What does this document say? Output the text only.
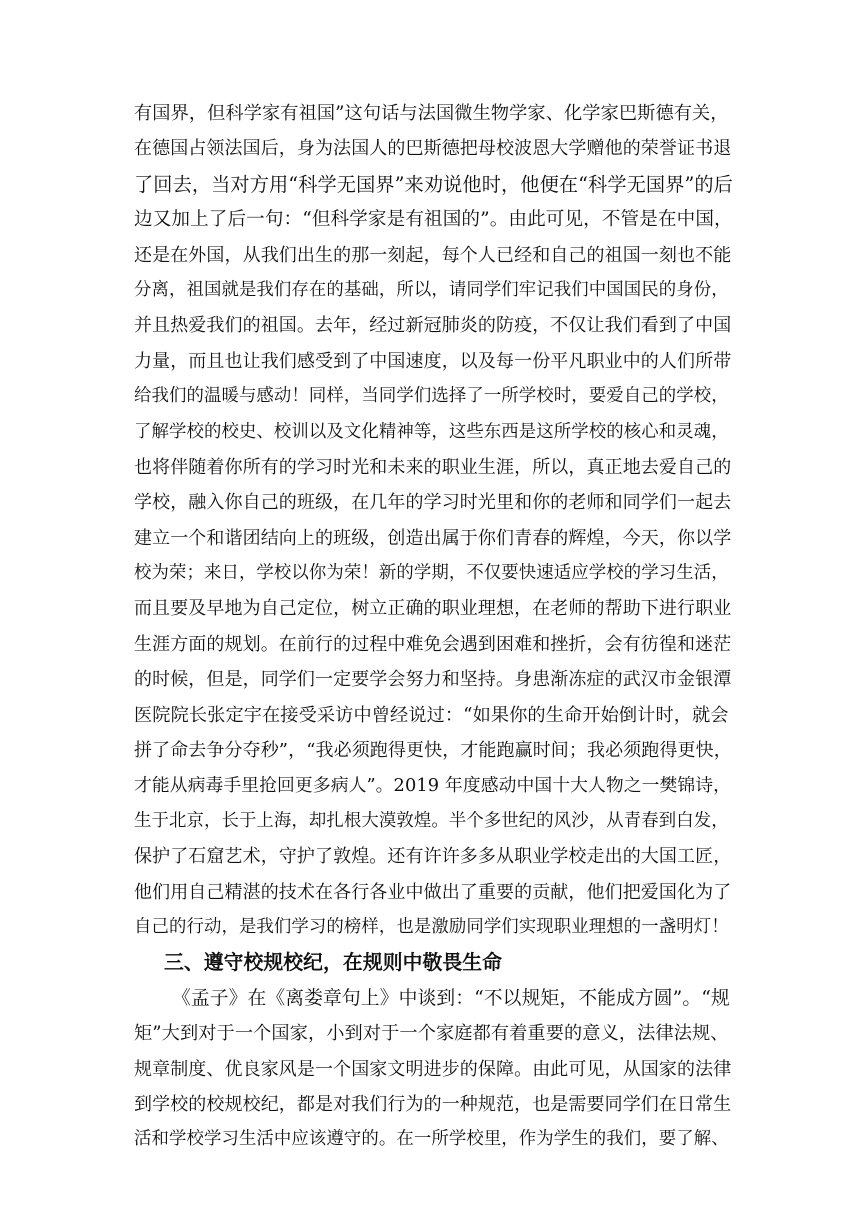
有国界，但科学家有祖国”这句话与法国微生物学家、化学家巴斯德有关，
在德国占领法国后，身为法国人的巴斯德把母校波恩大学赠他的荣誉证书退
了回去，当对方用“科学无国界”来劝说他时，他便在“科学无国界”的后
边又加上了后一句：“但科学家是有祖国的”。由此可见，不管是在中国，
还是在外国，从我们出生的那一刻起，每个人已经和自己的祖国一刻也不能
分离，祖国就是我们存在的基础，所以，请同学们牢记我们中国国民的身份，
并且热爱我们的祖国。去年，经过新冠肺炎的防疫，不仅让我们看到了中国
力量，而且也让我们感受到了中国速度，以及每一份平凡职业中的人们所带
给我们的温暖与感动！同样，当同学们选择了一所学校时，要爱自己的学校，
了解学校的校史、校训以及文化精神等，这些东西是这所学校的核心和灵魂，
也将伴随着你所有的学习时光和未来的职业生涯，所以，真正地去爱自己的
学校，融入你自己的班级，在几年的学习时光里和你的老师和同学们一起去
建立一个和谐团结向上的班级，创造出属于你们青春的辉煌，今天，你以学
校为荣；来日，学校以你为荣！新的学期，不仅要快速适应学校的学习生活，
而且要及早地为自己定位，树立正确的职业理想，在老师的帮助下进行职业
生涯方面的规划。在前行的过程中难免会遇到困难和挫折，会有彷徨和迷茫
的时候，但是，同学们一定要学会努力和坚持。身患渐冻症的武汉市金银潭
医院院长张定宇在接受采访中曾经说过：“如果你的生命开始倒计时，就会
拼了命去争分夺秒”，“我必须跑得更快，才能跑赢时间；我必须跑得更快，
才能从病毒手里抢回更多病人”。2019 年度感动中国十大人物之一樊锦诗，
生于北京，长于上海，却扎根大漠敦煌。半个多世纪的风沙，从青春到白发，
保护了石窟艺术，守护了敦煌。还有许许多多从职业学校走出的大国工匠，
他们用自己精湛的技术在各行各业中做出了重要的贡献，他们把爱国化为了
自己的行动，是我们学习的榜样，也是激励同学们实现职业理想的一盏明灯！
三、遵守校规校纪，在规则中敬畏生命
《孟子》在《离娄章句上》中谈到：“不以规矩，不能成方圆”。“规
矩”大到对于一个国家，小到对于一个家庭都有着重要的意义，法律法规、
规章制度、优良家风是一个国家文明进步的保障。由此可见，从国家的法律
到学校的校规校纪，都是对我们行为的一种规范，也是需要同学们在日常生
活和学校学习生活中应该遵守的。在一所学校里，作为学生的我们，要了解、
